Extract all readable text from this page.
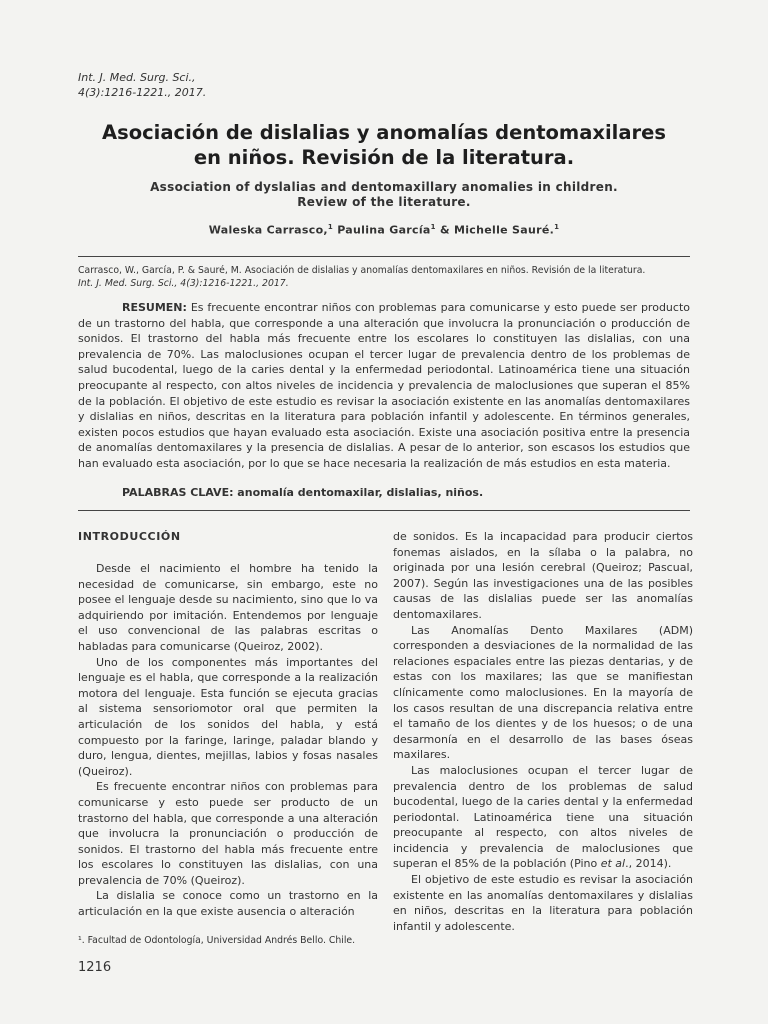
Int. J. Med. Surg. Sci.,
4(3):1216-1221., 2017.
Asociación de dislalias y anomalías dentomaxilares
en niños. Revisión de la literatura.
Association of dyslalias and dentomaxillary anomalies in children.
Review of the literature.
Waleska Carrasco,$^1$ Paulina García$^1$ & Michelle Sauré.$^1$
Carrasco, W., García, P. & Sauré, M. Asociación de dislalias y anomalías dentomaxilares en niños. Revisión de la literatura.
Int. J. Med. Surg. Sci., 4(3):1216-1221., 2017.

RESUMEN: Es frecuente encontrar niños con problemas para comunicarse y esto puede ser producto de un trastorno del habla, que corresponde a una alteración que involucra la pronunciación o producción de sonidos. El trastorno del habla más frecuente entre los escolares lo constituyen las dislalias, con una prevalencia de 70%. Las maloclusiones ocupan el tercer lugar de prevalencia dentro de los problemas de salud bucodental, luego de la caries dental y la enfermedad periodontal. Latinoamérica tiene una situación preocupante al respecto, con altos niveles de incidencia y prevalencia de maloclusiones que superan el 85% de la población. El objetivo de este estudio es revisar la asociación existente en las anomalías dentomaxilares y dislalias en niños, descritas en la literatura para población infantil y adolescente. En términos generales, existen pocos estudios que hayan evaluado esta asociación. Existe una asociación positiva entre la presencia de anomalías dentomaxilares y la presencia de dislalias. A pesar de lo anterior, son escasos los estudios que han evaluado esta asociación, por lo que se hace necesaria la realización de más estudios en esta materia.

PALABRAS CLAVE: anomalía dentomaxilar, dislalias, niños.
INTRODUCCIÓN

Desde el nacimiento el hombre ha tenido la necesidad de comunicarse, sin embargo, este no posee el lenguaje desde su nacimiento, sino que lo va adquiriendo por imitación. Entendemos por lenguaje el uso convencional de las palabras escritas o habladas para comunicarse (Queiroz, 2002).

Uno de los componentes más importantes del lenguaje es el habla, que corresponde a la realización motora del lenguaje. Esta función se ejecuta gracias al sistema sensoriomotor oral que permiten la articulación de los sonidos del habla, y está compuesto por la faringe, laringe, paladar blando y duro, lengua, dientes, mejillas, labios y fosas nasales (Queiroz).

Es frecuente encontrar niños con problemas para comunicarse y esto puede ser producto de un trastorno del habla, que corresponde a una alteración que involucra la pronunciación o producción de sonidos. El trastorno del habla más frecuente entre los escolares lo constituyen las dislalias, con una prevalencia de 70% (Queiroz).

La dislalia se conoce como un trastorno en la articulación en la que existe ausencia o alteración

de sonidos. Es la incapacidad para producir ciertos fonemas aislados, en la sílaba o la palabra, no originada por una lesión cerebral (Queiroz; Pascual, 2007). Según las investigaciones una de las posibles causas de las dislalias puede ser las anomalías dentomaxilares.

Las Anomalías Dento Maxilares (ADM) corresponden a desviaciones de la normalidad de las relaciones espaciales entre las piezas dentarias, y de estas con los maxilares; las que se manifiestan clínicamente como maloclusiones. En la mayoría de los casos resultan de una discrepancia relativa entre el tamaño de los dientes y de los huesos; o de una desarmonía en el desarrollo de las bases óseas maxilares.

Las maloclusiones ocupan el tercer lugar de prevalencia dentro de los problemas de salud bucodental, luego de la caries dental y la enfermedad periodontal. Latinoamérica tiene una situación preocupante al respecto, con altos niveles de incidencia y prevalencia de maloclusiones que superan el 85% de la población (Pino et al., 2014).

El objetivo de este estudio es revisar la asociación existente en las anomalías dentomaxilares y dislalias en niños, descritas en la literatura para población infantil y adolescente.

¹. Facultad de Odontología, Universidad Andrés Bello. Chile.
1216
